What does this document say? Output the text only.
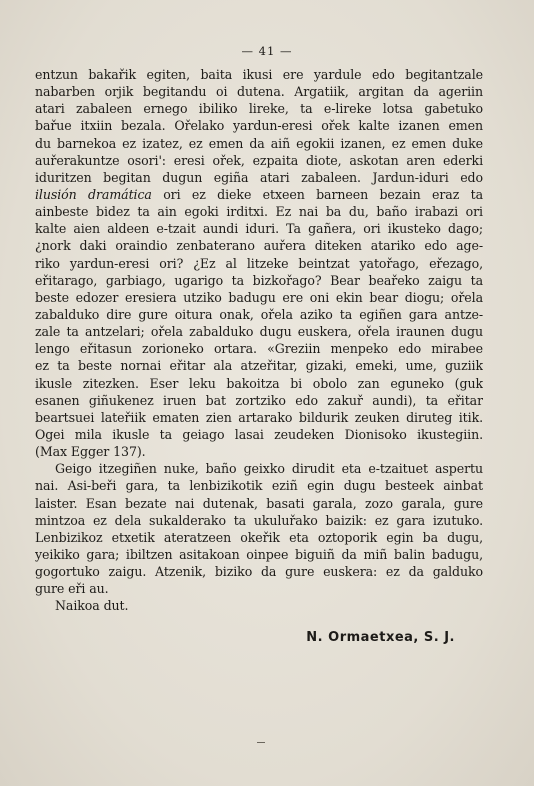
— 41 —
entzun bakařik egiten, baita ikusi ere yardule edo begitantzale
nabarben orjik begitandu oi dutena. Argatiik, argitan da ageriin
atari zabaleen ernego ibiliko lireke, ta e-lireke lotsa gabetuko
bařue itxiin bezala. Ořelako yardun-eresi ořek kalte izanen emen
du barnekoa ez izatez, ez emen da aiñ egokii izanen, ez emen duke
auřerakuntze osori': eresi ořek, ezpaita diote, askotan aren ederki
iduritzen begitan dugun egiña atari zabaleen. Jardun-iduri edo
ilusión dramática ori ez dieke etxeen barneen bezain eraz ta
ainbeste bidez ta ain egoki irditxi. Ez nai ba du, baño irabazi ori
kalte aien aldeen e-tzait aundi iduri. Ta gañera, ori ikusteko dago;
¿nork daki oraindio zenbaterano auřera diteken atariko edo age-
riko yardun-eresi ori? ¿Ez al litzeke beintzat yatořago, eřezago,
eřitarago, garbiago, ugarigo ta bizkořago? Bear beařeko zaigu ta
beste edozer eresiera utziko badugu ere oni ekin bear diogu; ořela
zabalduko dire gure oitura onak, ořela aziko ta egiñen gara antze-
zale ta antzelari; ořela zabalduko dugu euskera, ořela iraunen dugu
lengo eřitasun zorioneko ortara. «Greziin menpeko edo mirabee
ez ta beste nornai eřitar ala atzeřitar, gizaki, emeki, ume, guziik
ikusle zitezken. Eser leku bakoitza bi obolo zan eguneko (guk
esanen giñukenez iruen bat zortziko edo zakuř aundi), ta eřitar
beartsuei lateřiik ematen zien artarako bildurik zeuken diruteg itik.
Ogei mila ikusle ta geiago lasai zeudeken Dionisoko ikustegiin.
(Max Egger 137).
Geigo itzegiñen nuke, baño geixko dirudit eta e-tzaituet aspertu
nai. Asi-beři gara, ta lenbizikotik eziñ egin dugu besteek ainbat
laister. Esan bezate nai dutenak, basati garala, zozo garala, gure
mintzoa ez dela sukalderako ta ukuluřako baizik: ez gara izutuko.
Lenbizikoz etxetik ateratzeen okeřik eta oztoporik egin ba dugu,
yeikiko gara; ibiltzen asitakoan oinpee biguiñ da miñ balin badugu,
gogortuko zaigu. Atzenik, biziko da gure euskera: ez da galduko
gure eři au.
Naikoa dut.
N. Ormaetxea, S. J.
